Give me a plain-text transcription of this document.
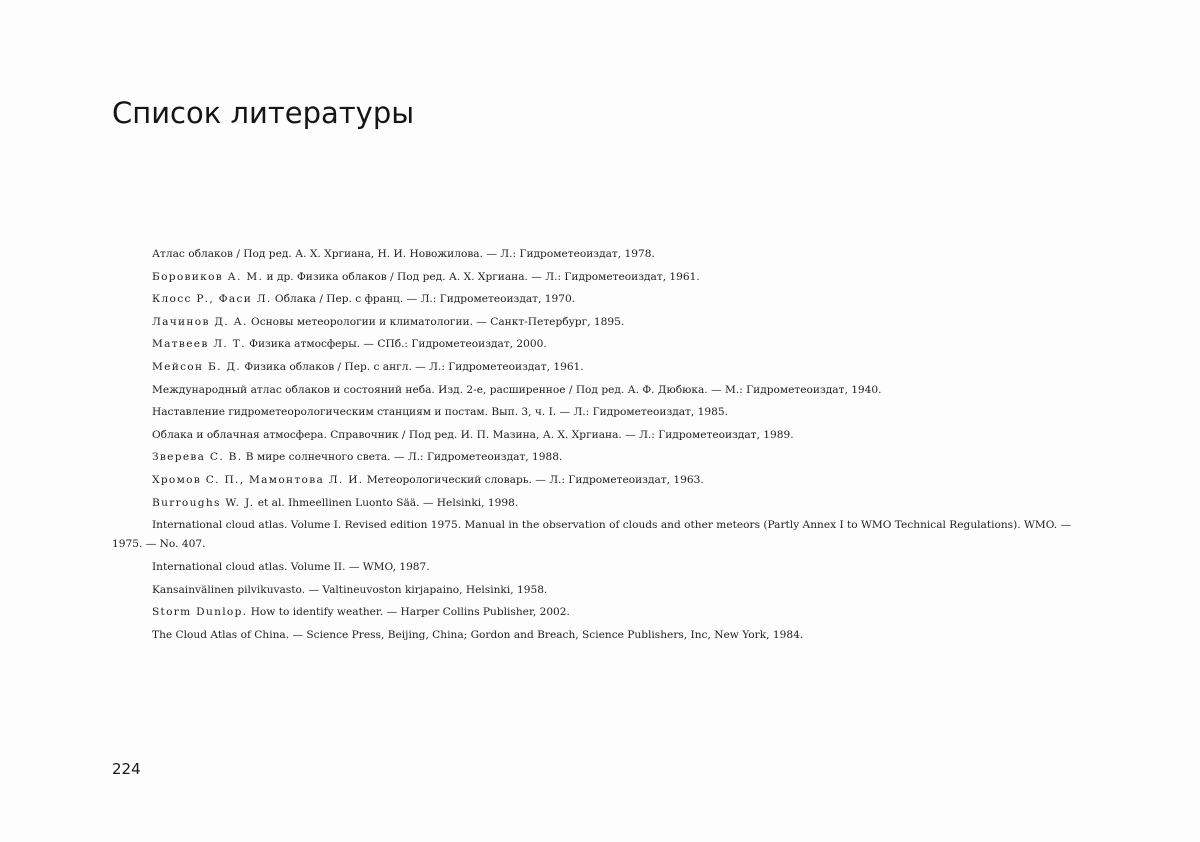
Список литературы
Атлас облаков / Под ред. А. Х. Хргиана, Н. И. Новожилова. — Л.: Гидрометеоиздат, 1978.
Боровиков А. М. и др. Физика облаков / Под ред. А. Х. Хргиана. — Л.: Гидрометеоиздат, 1961.
Клосс Р., Фаси Л. Облака / Пер. с франц. — Л.: Гидрометеоиздат, 1970.
Лачинов Д. А. Основы метеорологии и климатологии. — Санкт-Петербург, 1895.
Матвеев Л. Т. Физика атмосферы. — СПб.: Гидрометеоиздат, 2000.
Мейсон Б. Д. Физика облаков / Пер. с англ. — Л.: Гидрометеоиздат, 1961.
Международный атлас облаков и состояний неба. Изд. 2-е, расширенное / Под ред. А. Ф. Дюбюка. — М.: Гидрометеоиздат, 1940.
Наставление гидрометеорологическим станциям и постам. Вып. 3, ч. I. — Л.: Гидрометеоиздат, 1985.
Облака и облачная атмосфера. Справочник / Под ред. И. П. Мазина, А. Х. Хргиана. — Л.: Гидрометеоиздат, 1989.
Зверева С. В. В мире солнечного света. — Л.: Гидрометеоиздат, 1988.
Хромов С. П., Мамонтова Л. И. Метеорологический словарь. — Л.: Гидрометеоиздат, 1963.
Burroughs W. J. et al. Ihmeellinen Luonto Sää. — Helsinki, 1998.
International cloud atlas. Volume I. Revised edition 1975. Manual in the observation of clouds and other meteors (Partly Annex I to WMO Technical Regulations). WMO. — 1975. — No. 407.
International cloud atlas. Volume II. — WMO, 1987.
Kansainvälinen pilvikuvasto. — Valtineuvoston kirjapaino, Helsinki, 1958.
Storm Dunlop. How to identify weather. — Harper Collins Publisher, 2002.
The Cloud Atlas of China. — Science Press, Beijing, China; Gordon and Breach, Science Publishers, Inc, New York, 1984.
224
